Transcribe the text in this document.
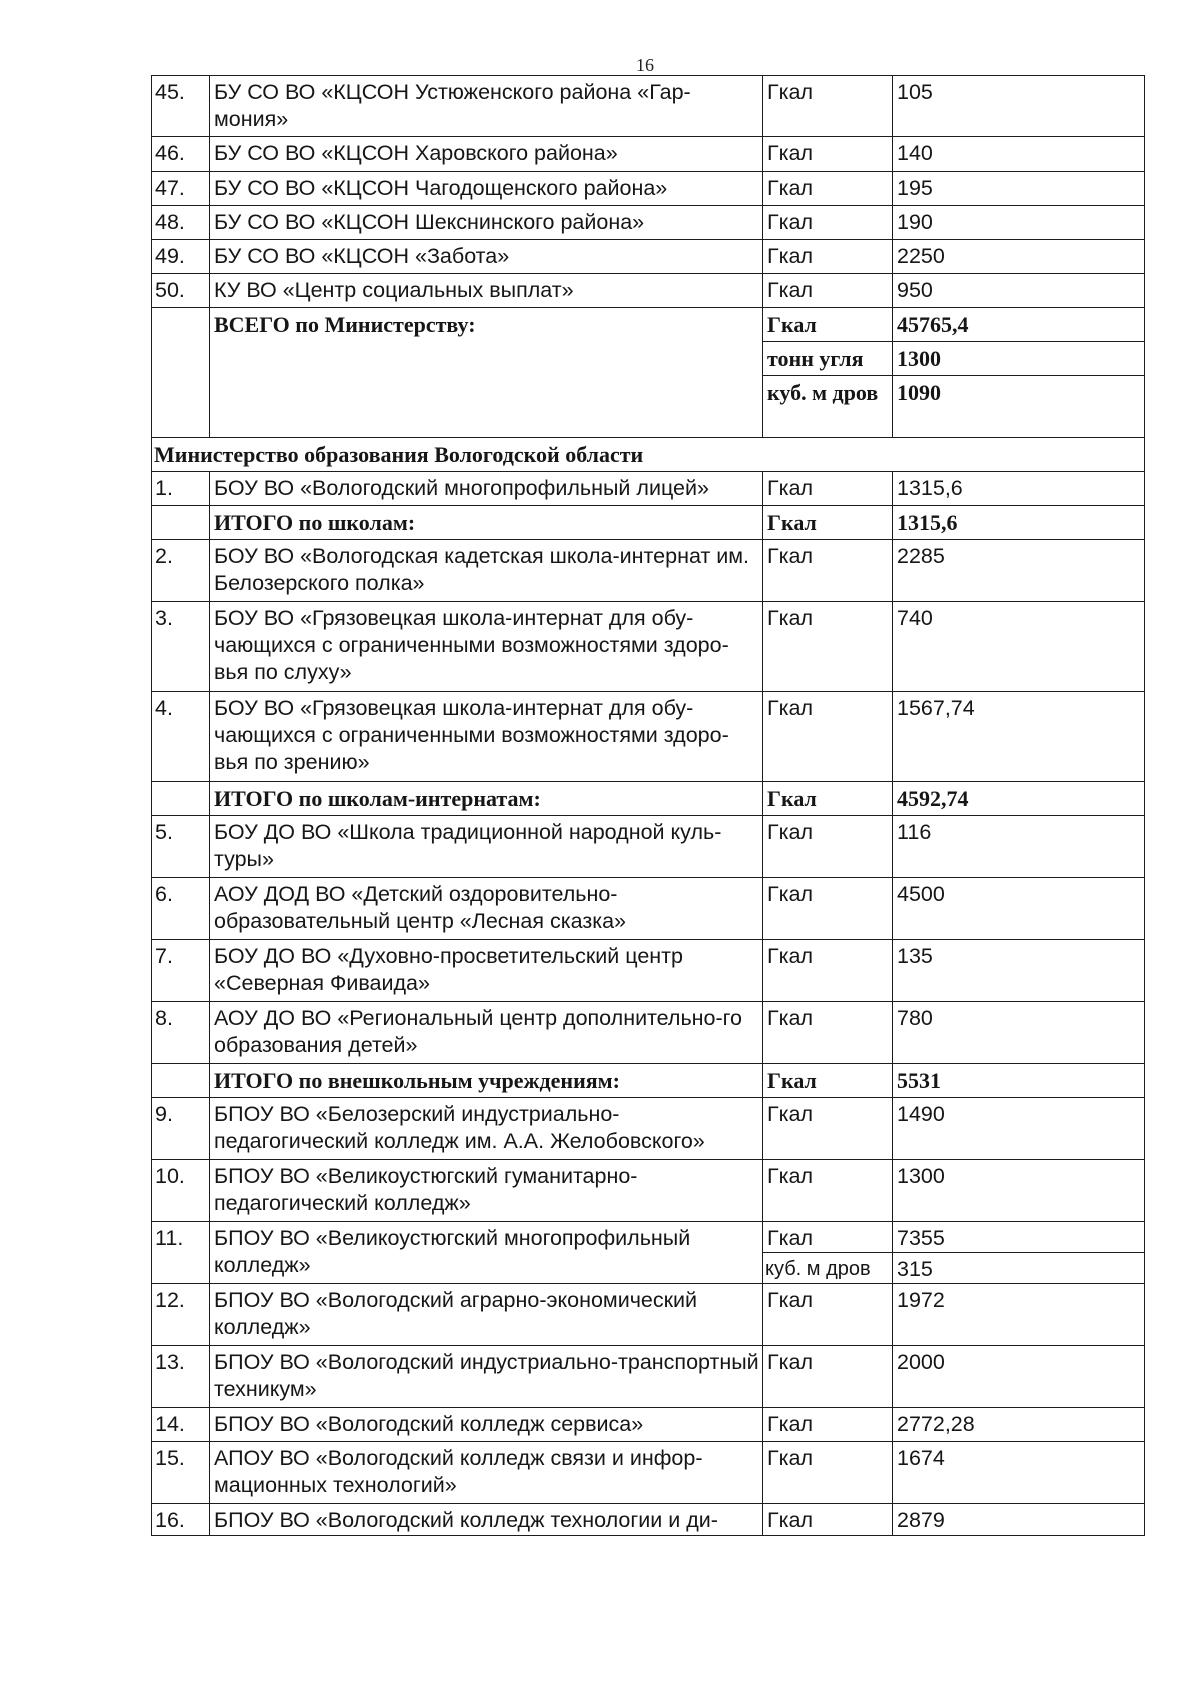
16
45.	БУ СО ВО «КЦСОН Устюженского района «Гар-мония»	Гкал	105
46.	БУ СО ВО «КЦСОН Харовского района»	Гкал	140
47.	БУ СО ВО «КЦСОН Чагодощенского района»	Гкал	195
48.	БУ СО ВО «КЦСОН Шекснинского района»	Гкал	190
49.	БУ СО ВО «КЦСОН «Забота»	Гкал	2250
50.	КУ ВО «Центр социальных выплат»	Гкал	950
	ВСЕГО по Министерству:	Гкал	45765,4
		тонн угля	1300
		куб. м дров	1090
Министерство образования Вологодской области			
1.	БОУ ВО «Вологодский многопрофильный лицей»	Гкал	1315,6
	ИТОГО по школам:	Гкал	1315,6
2.	БОУ ВО «Вологодская кадетская школа-интернат им. Белозерского полка»	Гкал	2285
3.	БОУ ВО «Грязовецкая школа-интернат для обу-чающихся с ограниченными возможностями здоро-вья по слуху»	Гкал	740
4.	БОУ ВО «Грязовецкая школа-интернат для обу-чающихся с ограниченными возможностями здоро-вья по зрению»	Гкал	1567,74
	ИТОГО по школам-интернатам:	Гкал	4592,74
5.	БОУ ДО ВО «Школа традиционной народной куль-туры»	Гкал	116
6.	АОУ ДОД ВО «Детский оздоровительно-образовательный центр «Лесная сказка»	Гкал	4500
7.	БОУ ДО ВО «Духовно-просветительский центр «Северная Фиваида»	Гкал	135
8.	АОУ ДО ВО «Региональный центр дополнительно-го образования детей»	Гкал	780
	ИТОГО по внешкольным учреждениям:	Гкал	5531
9.	БПОУ ВО «Белозерский индустриально-педагогический колледж им. А.А. Желобовского»	Гкал	1490
10.	БПОУ ВО «Великоустюгский гуманитарно-педагогический колледж»	Гкал	1300
11.	БПОУ ВО «Великоустюгский многопрофильный колледж»	Гкал	7355
		куб. м дров	315
12.	БПОУ ВО «Вологодский аграрно-экономический колледж»	Гкал	1972
13.	БПОУ ВО «Вологодский индустриально-транспортный техникум»	Гкал	2000
14.	БПОУ ВО «Вологодский колледж сервиса»	Гкал	2772,28
15.	АПОУ ВО «Вологодский колледж связи и инфор-мационных технологий»	Гкал	1674
16.	БПОУ ВО «Вологодский колледж технологии и ди-	Гкал	2879
